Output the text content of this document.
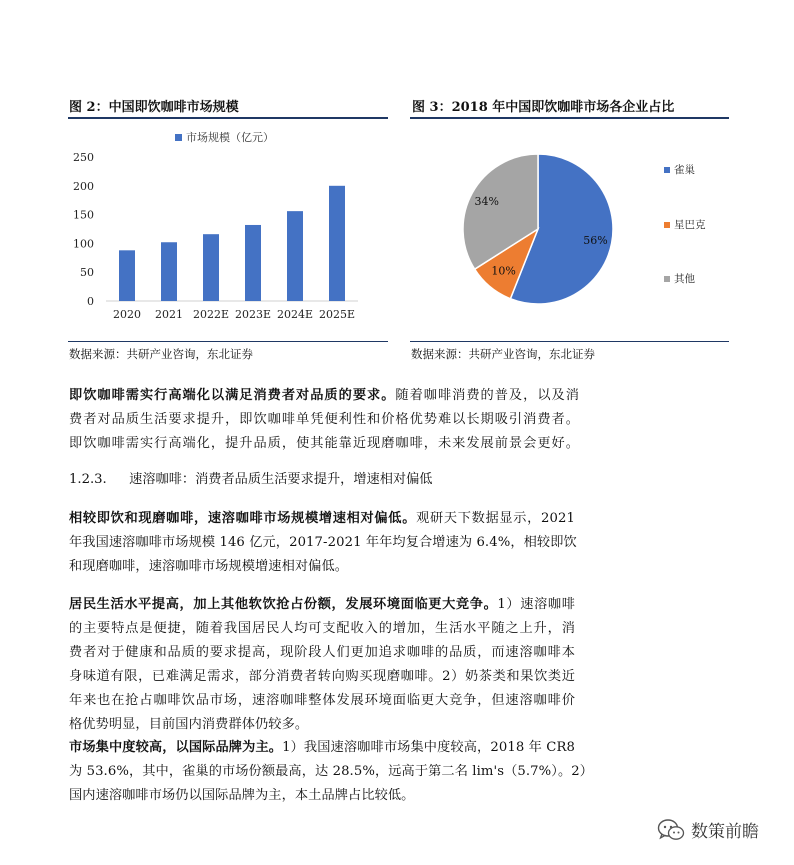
图 2：中国即饮咖啡市场规模
市场规模（亿元）
0
50
100
150
200
250
2020 2021 2022E 2023E 2024E 2025E
数据来源：共研产业咨询，东北证券
图 3：2018 年中国即饮咖啡市场各企业占比
56%
10%
34%
雀巢
星巴克
其他
数据来源：共研产业咨询，东北证券
即饮咖啡需实行高端化以满足消费者对品质的要求。随着咖啡消费的普及，以及消
费者对品质生活要求提升，即饮咖啡单凭便利性和价格优势难以长期吸引消费者。
即饮咖啡需实行高端化，提升品质，使其能靠近现磨咖啡，未来发展前景会更好。
1.2.3. 速溶咖啡：消费者品质生活要求提升，增速相对偏低
相较即饮和现磨咖啡，速溶咖啡市场规模增速相对偏低。观研天下数据显示，2021
年我国速溶咖啡市场规模 146 亿元，2017-2021 年年均复合增速为 6.4%，相较即饮
和现磨咖啡，速溶咖啡市场规模增速相对偏低。
居民生活水平提高，加上其他软饮抢占份额，发展环境面临更大竞争。1）速溶咖啡
的主要特点是便捷，随着我国居民人均可支配收入的增加，生活水平随之上升，消
费者对于健康和品质的要求提高，现阶段人们更加追求咖啡的品质，而速溶咖啡本
身味道有限，已难满足需求，部分消费者转向购买现磨咖啡。2）奶茶类和果饮类近
年来也在抢占咖啡饮品市场，速溶咖啡整体发展环境面临更大竞争，但速溶咖啡价
格优势明显，目前国内消费群体仍较多。
市场集中度较高，以国际品牌为主。1）我国速溶咖啡市场集中度较高，2018 年 CR8
为 53.6%，其中，雀巢的市场份额最高，达 28.5%，远高于第二名 lim's（5.7%）。2）
国内速溶咖啡市场仍以国际品牌为主，本土品牌占比较低。
数策前瞻
